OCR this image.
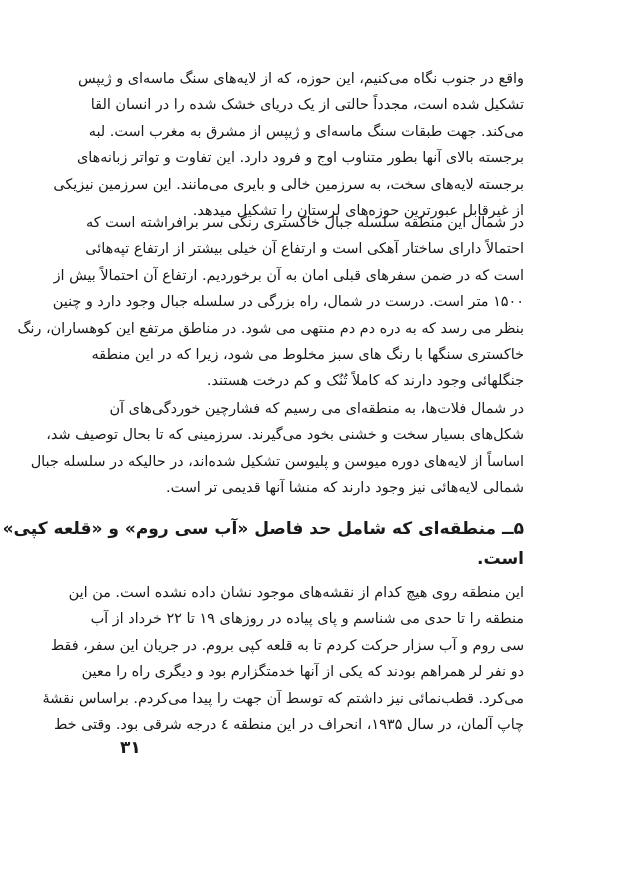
واقع در جنوب نگاه می‌کنیم، این حوزه، که از لایه‌های سنگ ماسه‌ای و ژیپس
تشکیل شده است، مجدداً حالتی از یک دریای خشک شده را در انسان القا
می‌کند. جهت طبقات سنگ ماسه‌ای و ژیپس از مشرق به مغرب است. لبه
برجسته بالای آنها بطور متناوب اوج و فرود دارد. این تفاوت و تواتر زبانه‌های
برجسته لایه‌های سخت، به سرزمین خالی و بایری می‌مانند. این سرزمین نیزیکی
از غیرقابل عبورترین حوزه‌های لرستان را تشکیل میدهد.
در شمال این منطقه سلسله جبال خاکستری رنگی سر برافراشته است که
احتمالاً دارای ساختار آهکی است و ارتفاع آن خیلی بیشتر از ارتفاع تپه‌هائی
است که در ضمن سفرهای قبلی امان به آن برخوردیم. ارتفاع آن احتمالاً بیش از
۱۵۰۰ متر است. درست در شمال، راه بزرگی در سلسله جبال وجود دارد و چنین
بنظر می رسد که به دره دم دم منتهی می شود. در مناطق مرتفع این کوهساران، رنگ
خاکستری سنگها با رنگ های سبز مخلوط می شود، زیرا که در این منطقه
جنگلهائی وجود دارند که کاملاً تُنُک و کم درخت هستند.
در شمال فلات‌ها، به منطقه‌ای می رسیم که فشارچین خوردگی‌های آن
شکل‌های بسیار سخت و خشنی بخود می‌گیرند. سرزمینی که تا بحال توصیف شد،
اساساً از لایه‌های دوره میوسن و پلیوسن تشکیل شده‌اند، در حالیکه در سلسله جبال
شمالی لایه‌هائی نیز وجود دارند که منشا آنها قدیمی تر است.
۵ــ منطقه‌ای که شامل حد فاصل «آب سی روم» و «قلعه کپی»
است.
این منطقه روی هیچ کدام از نقشه‌های موجود نشان داده نشده است. من این
منطقه را تا حدی می شناسم و پای پیاده در روزهای ۱۹ تا ۲۲ خرداد از آب
سی روم و آب سزار حرکت کردم تا به قلعه کپی بروم. در جریان این سفر، فقط
دو نفر لر همراهم بودند که یکی از آنها خدمتگزارم بود و دیگری راه را معین
می‌کرد. قطب‌نمائی نیز داشتم که توسط آن جهت را پیدا می‌کردم. براساس نقشهٔ
چاپ آلمان، در سال ۱۹۳۵، انحراف در این منطقه ٤ درجه شرقی بود. وقتی خط
۳۱
